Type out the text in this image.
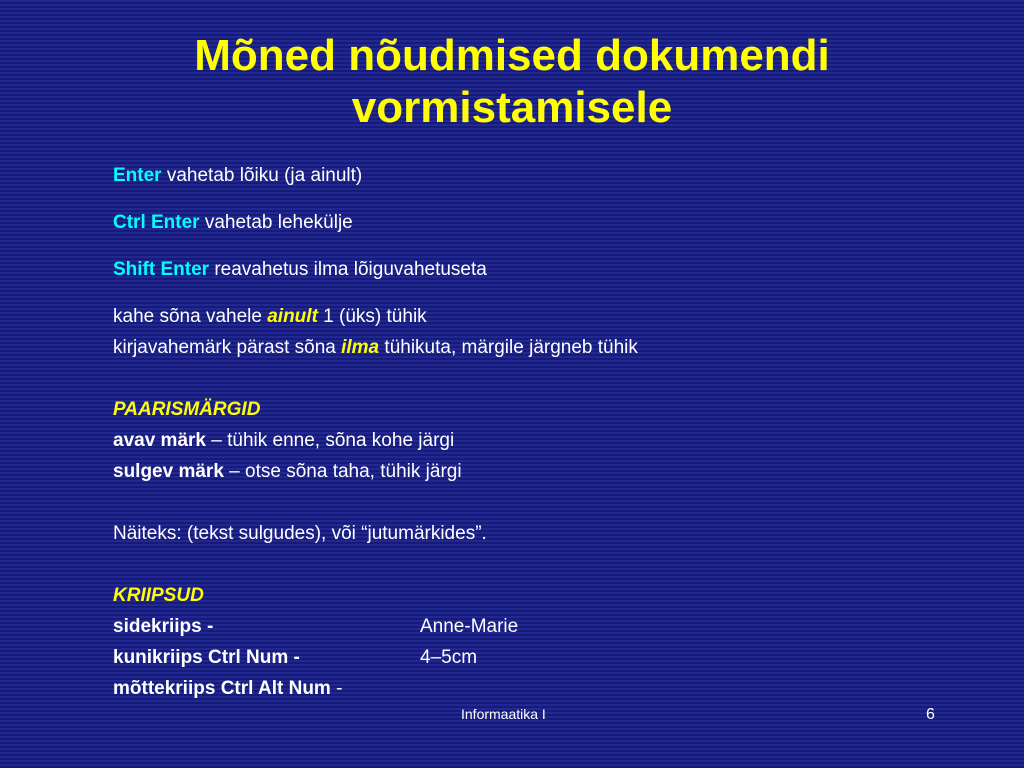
Mõned nõudmised dokumendi
vormistamisele
Enter vahetab lõiku (ja ainult)
Ctrl Enter vahetab lehekülje
Shift Enter reavahetus ilma lõiguvahetuseta
kahe sõna vahele ainult 1 (üks) tühik
kirjavahemärk pärast sõna ilma tühikuta, märgile järgneb tühik
PAARISMÄRGID
avav märk – tühik enne, sõna kohe järgi
sulgev märk – otse sõna taha, tühik järgi
Näiteks: (tekst sulgudes), või “jutumärkides”.
KRIIPSUD
sidekriips -	Anne-Marie
kunikriips Ctrl Num -	4–5cm
mõttekriips Ctrl Alt Num -
Informaatika I	6
